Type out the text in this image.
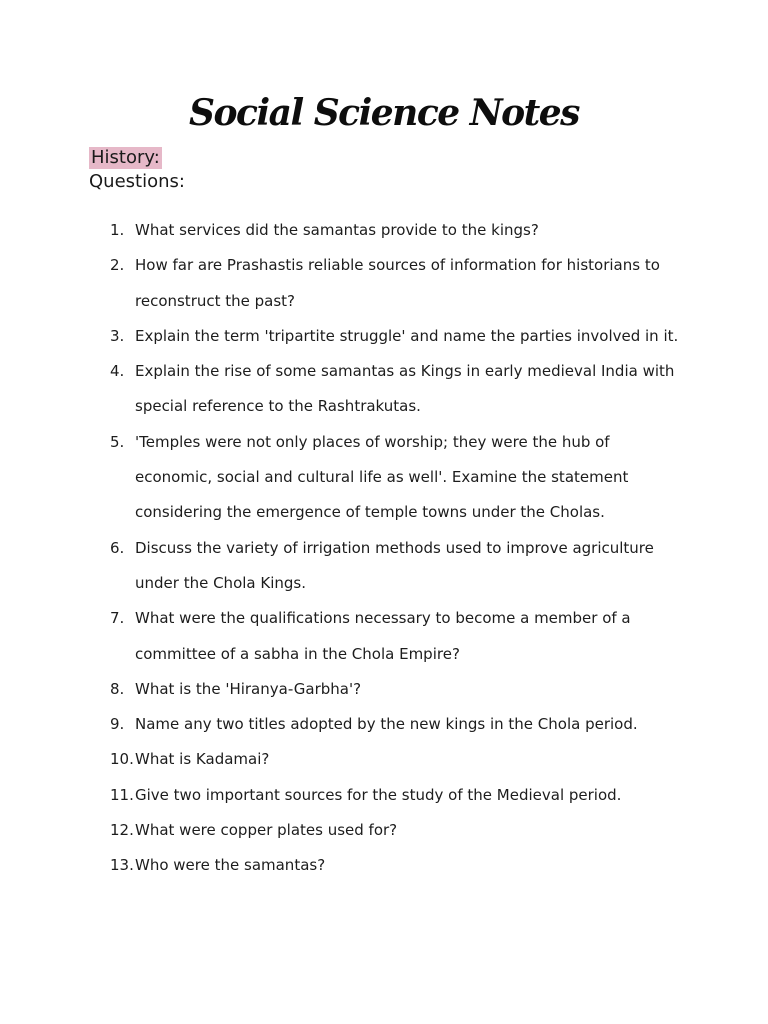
Social Science Notes
History:
Questions:
1. What services did the samantas provide to the kings?
2. How far are Prashastis reliable sources of information for historians to reconstruct the past?
3. Explain the term 'tripartite struggle' and name the parties involved in it.
4. Explain the rise of some samantas as Kings in early medieval India with special reference to the Rashtrakutas.
5. 'Temples were not only places of worship; they were the hub of economic, social and cultural life as well'. Examine the statement considering the emergence of temple towns under the Cholas.
6. Discuss the variety of irrigation methods used to improve agriculture under the Chola Kings.
7. What were the qualifications necessary to become a member of a committee of a sabha in the Chola Empire?
8. What is the 'Hiranya-Garbha'?
9. Name any two titles adopted by the new kings in the Chola period.
10. What is Kadamai?
11. Give two important sources for the study of the Medieval period.
12. What were copper plates used for?
13. Who were the samantas?
